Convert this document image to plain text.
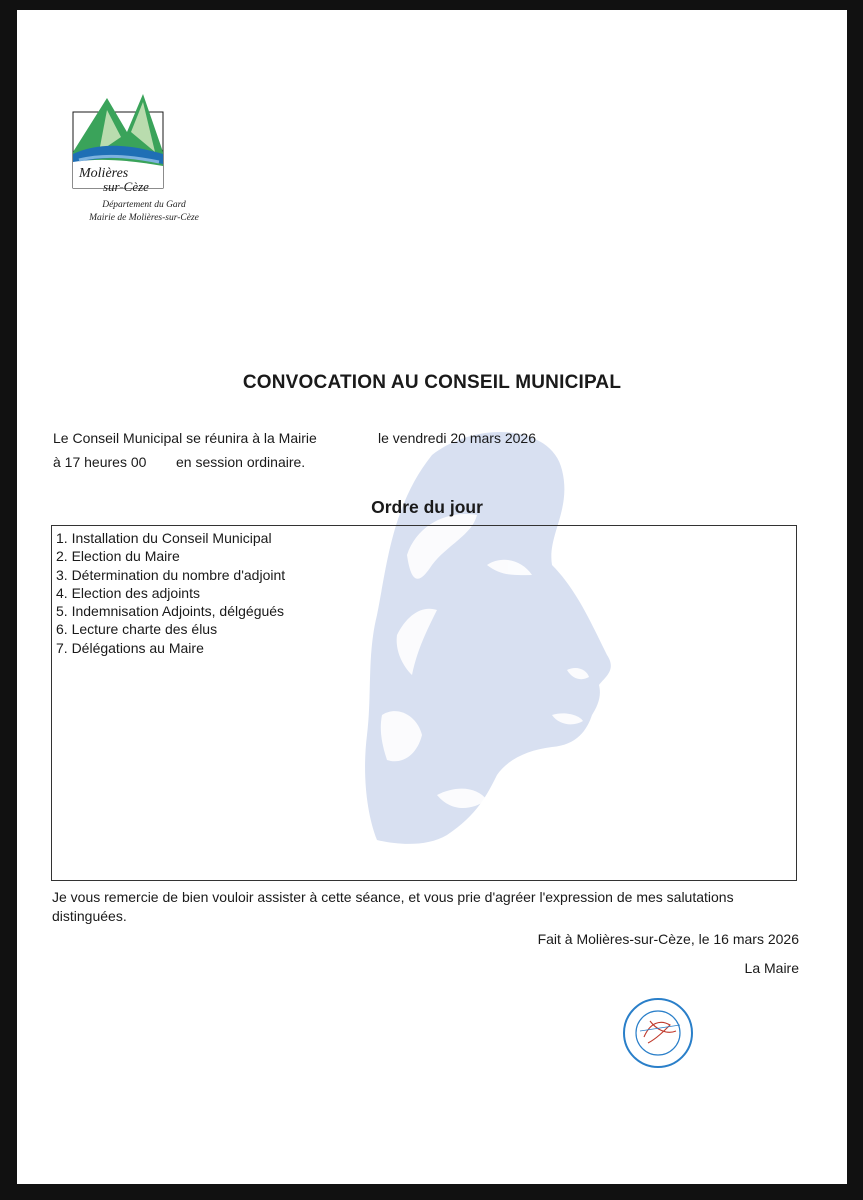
Molières
sur-Cèze
Département du Gard
Mairie de Molières-sur-Cèze
CONVOCATION AU CONSEIL MUNICIPAL
Le Conseil Municipal se réunira à la Mairie	le vendredi 20 mars 2026
à 17 heures 00 en session ordinaire.
Ordre du jour
1. Installation du Conseil Municipal
2. Election du Maire
3. Détermination du nombre d'adjoint
4. Election des adjoints
5. Indemnisation Adjoints, délgégués
6. Lecture charte des élus
7. Délégations au Maire
Je vous remercie de bien vouloir assister à cette séance, et vous prie d'agréer l'expression de mes salutations distinguées.
Fait à Molières-sur-Cèze, le 16 mars 2026
La Maire
